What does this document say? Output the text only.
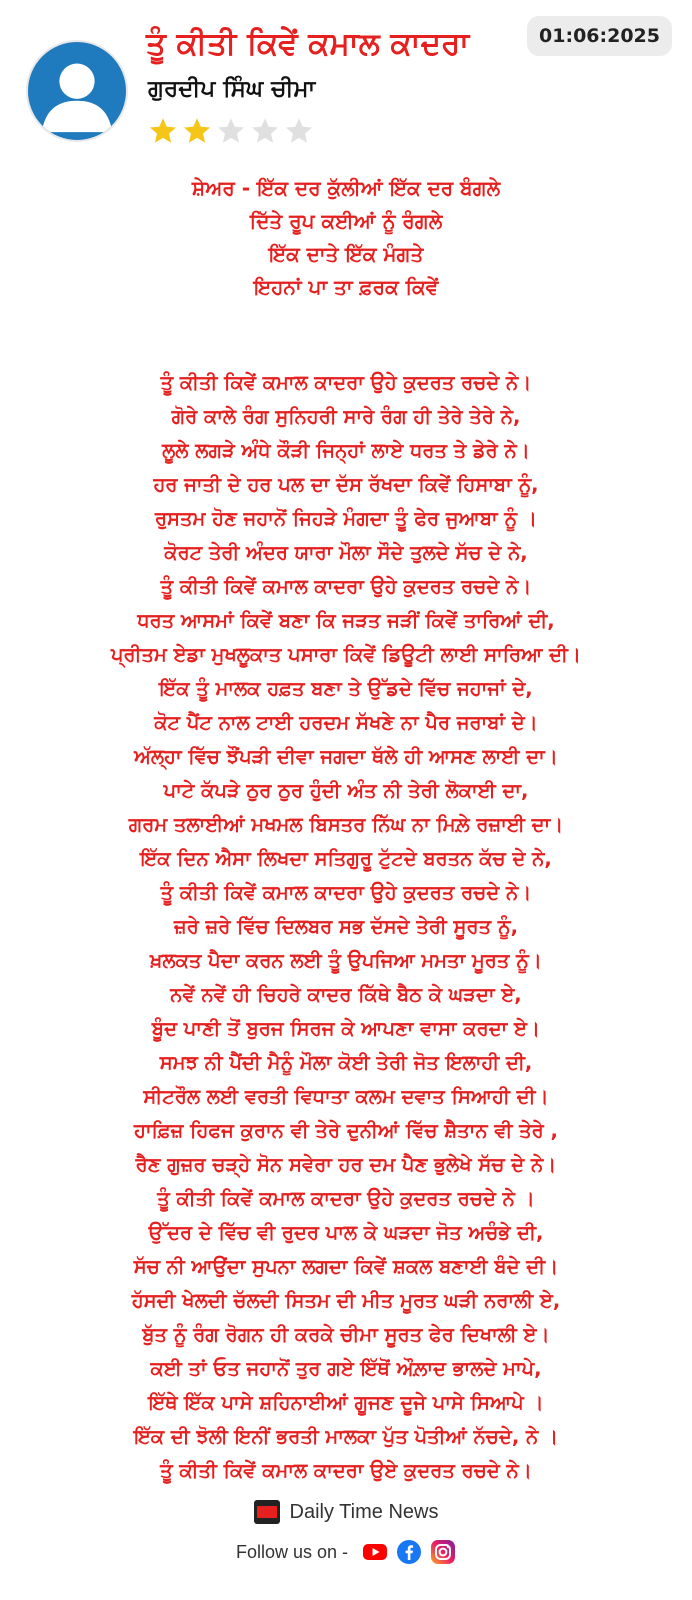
ਤੂੰ ਕੀਤੀ ਕਿਵੇਂ ਕਮਾਲ ਕਾਦਰਾ
ਗੁਰਦੀਪ ਸਿੰਘ ਚੀਮਾ
01:06:2025
ਸ਼ੇਅਰ - ਇੱਕ ਦਰ ਕੁੱਲੀਆਂ ਇੱਕ ਦਰ ਬੰਗਲੇ
ਦਿੱਤੇ ਰੂਪ ਕਈਆਂ ਨੂੰ ਰੰਗਲੇ
ਇੱਕ ਦਾਤੇ ਇੱਕ ਮੰਗਤੇ
ਇਹਨਾਂ ਪਾ ਤਾ ਫ਼ਰਕ ਕਿਵੇਂ
ਤੂੰ ਕੀਤੀ ਕਿਵੇਂ ਕਮਾਲ ਕਾਦਰਾ ਉਹੇ ਕੁਦਰਤ ਰਚਦੇ ਨੇ।
ਗੋਰੇ ਕਾਲੇ ਰੰਗ ਸੁਨਿਹਰੀ ਸਾਰੇ ਰੰਗ ਹੀ ਤੇਰੇ ਤੇਰੇ ਨੇ,
ਲੂਲੇ ਲਗੜੇ ਅੰਧੇ ਕੌੜੀ ਜਿਨ੍ਹਾਂ ਲਾਏ ਧਰਤ ਤੇ ਡੇਰੇ ਨੇ।
ਹਰ ਜਾਤੀ ਦੇ ਹਰ ਪਲ ਦਾ ਦੱਸ ਰੱਖਦਾ ਕਿਵੇਂ ਹਿਸਾਬਾ ਨੂੰ,
ਰੁਸਤਮ ਹੋਣ ਜਹਾਨੋਂ ਜਿਹੜੇ ਮੰਗਦਾ ਤੂੰ ਫੇਰ ਜੁਆਬਾ ਨੂੰ ।
ਕੋਰਟ ਤੇਰੀ ਅੰਦਰ ਯਾਰਾ ਮੌਲਾ ਸੌਦੇ ਤੁਲਦੇ ਸੱਚ ਦੇ ਨੇ,
ਤੂੰ ਕੀਤੀ ਕਿਵੇਂ ਕਮਾਲ ਕਾਦਰਾ ਉਹੇ ਕੁਦਰਤ ਰਚਦੇ ਨੇ।
ਧਰਤ ਆਸਮਾਂ ਕਿਵੇਂ ਬਣਾ ਕਿ ਜੜਤ ਜੜੀਂ ਕਿਵੇਂ ਤਾਰਿਆਂ ਦੀ,
ਪ੍ਰੀਤਮ ਏਡਾ ਮੁਖਲੂਕਾਤ ਪਸਾਰਾ ਕਿਵੇਂ ਡਿਊਟੀ ਲਾਈ ਸਾਰਿਆ ਦੀ।
ਇੱਕ ਤੂੰ ਮਾਲਕ ਹਫ਼ਤ ਬਣਾ ਤੇ ਉੱਡਦੇ ਵਿੱਚ ਜਹਾਜਾਂ ਦੇ,
ਕੋਟ ਪੈਂਟ ਨਾਲ ਟਾਈ ਹਰਦਮ ਸੱਖਣੇ ਨਾ ਪੈਰ ਜਰਾਬਾਂ ਦੇ।
ਅੱਲ੍ਹਾ ਵਿੱਚ ਝੌਂਪੜੀ ਦੀਵਾ ਜਗਦਾ ਥੱਲੇ ਹੀ ਆਸਣ ਲਾਈ ਦਾ।
ਪਾਟੇ ਕੱਪੜੇ ਠੁਰ ਠੁਰ ਹੁੰਦੀ ਅੰਤ ਨੀ ਤੇਰੀ ਲੋਕਾਈ ਦਾ,
ਗਰਮ ਤਲਾਈਆਂ ਮਖਮਲ ਬਿਸਤਰ ਨਿੱਘ ਨਾ ਮਿਲ਼ੇ ਰਜ਼ਾਈ ਦਾ।
ਇੱਕ ਦਿਨ ਐਸਾ ਲਿਖਦਾ ਸਤਿਗੁਰੂ ਟੁੱਟਦੇ ਬਰਤਨ ਕੱਚ ਦੇ ਨੇ,
ਤੂੰ ਕੀਤੀ ਕਿਵੇਂ ਕਮਾਲ ਕਾਦਰਾ ਉਹੇ ਕੁਦਰਤ ਰਚਦੇ ਨੇ।
ਜ਼ਰੇ ਜ਼ਰੇ ਵਿੱਚ ਦਿਲਬਰ ਸਭ ਦੱਸਦੇ ਤੇਰੀ ਸੂਰਤ ਨੂੰ,
ਖ਼ਲਕਤ ਪੈਦਾ ਕਰਨ ਲਈ ਤੂੰ ਉਪਜਿਆ ਮਮਤਾ ਮੂਰਤ ਨੂੰ।
ਨਵੇਂ ਨਵੇਂ ਹੀ ਚਿਹਰੇ ਕਾਦਰ ਕਿੱਥੇ ਬੈਠ ਕੇ ਘੜਦਾ ਏ,
ਬੂੰਦ ਪਾਣੀ ਤੋਂ ਬੁਰਜ ਸਿਰਜ ਕੇ ਆਪਣਾ ਵਾਸਾ ਕਰਦਾ ਏ।
ਸਮਝ ਨੀ ਪੈਂਦੀ ਮੈਨੂੰ ਮੌਲਾ ਕੋਈ ਤੇਰੀ ਜੋਤ ਇਲਾਹੀ ਦੀ,
ਸੀਟਰੌਲ ਲਈ ਵਰਤੀ ਵਿਧਾਤਾ ਕਲਮ ਦਵਾਤ ਸਿਆਹੀ ਦੀ।
ਹਾਫ਼ਿਜ਼ ਹਿਫਜ ਕੁਰਾਨ ਵੀ ਤੇਰੇ ਦੁਨੀਆਂ ਵਿੱਚ ਸ਼ੈਤਾਨ ਵੀ ਤੇਰੇ ,
ਰੈਣ ਗੁਜ਼ਰ ਚੜ੍ਹੇ ਸੋਨ ਸਵੇਰਾ ਹਰ ਦਮ ਪੈਣ ਭੁਲੇਖੇ ਸੱਚ ਦੇ ਨੇ।
ਤੂੰ ਕੀਤੀ ਕਿਵੇਂ ਕਮਾਲ ਕਾਦਰਾ ਉਹੇ ਕੁਦਰਤ ਰਚਦੇ ਨੇ ।
ਉੱਦਰ ਦੇ ਵਿੱਚ ਵੀ ਰੁਦਰ ਪਾਲ ਕੇ ਘੜਦਾ ਜੋਤ ਅਚੰਭੇ ਦੀ,
ਸੱਚ ਨੀ ਆਉਂਦਾ ਸੁਪਨਾ ਲਗਦਾ ਕਿਵੇਂ ਸ਼ਕਲ ਬਣਾਈ ਬੰਦੇ ਦੀ।
ਹੱਸਦੀ ਖੇਲਦੀ ਚੱਲਦੀ ਸਿਤਮ ਦੀ ਮੀਤ ਮੂਰਤ ਘੜੀ ਨਰਾਲੀ ਏ,
ਬੁੱਤ ਨੂੰ ਰੰਗ ਰੋਗਨ ਹੀ ਕਰਕੇ ਚੀਮਾ ਸੂਰਤ ਫੇਰ ਦਿਖਾਲੀ ਏ।
ਕਈ ਤਾਂ ਓਤ ਜਹਾਨੋਂ ਤੁਰ ਗਏ ਇੱਥੋਂ ਔਲ਼ਾਦ ਭਾਲਦੇ ਮਾਪੇ,
ਇੱਥੇ ਇੱਕ ਪਾਸੇ ਸ਼ਹਿਨਾਈਆਂ ਗੂਜਣ ਦੂਜੇ ਪਾਸੇ ਸਿਆਪੇ ।
ਇੱਕ ਦੀ ਝੋਲੀ ਇਨੀਂ ਭਰਤੀ ਮਾਲਕਾ ਪੁੱਤ ਪੋਤੀਆਂ ਨੱਚਦੇ, ਨੇ ।
ਤੂੰ ਕੀਤੀ ਕਿਵੇਂ ਕਮਾਲ ਕਾਦਰਾ ਉਏ ਕੁਦਰਤ ਰਚਦੇ ਨੇ।
Daily Time News
Follow us on -
